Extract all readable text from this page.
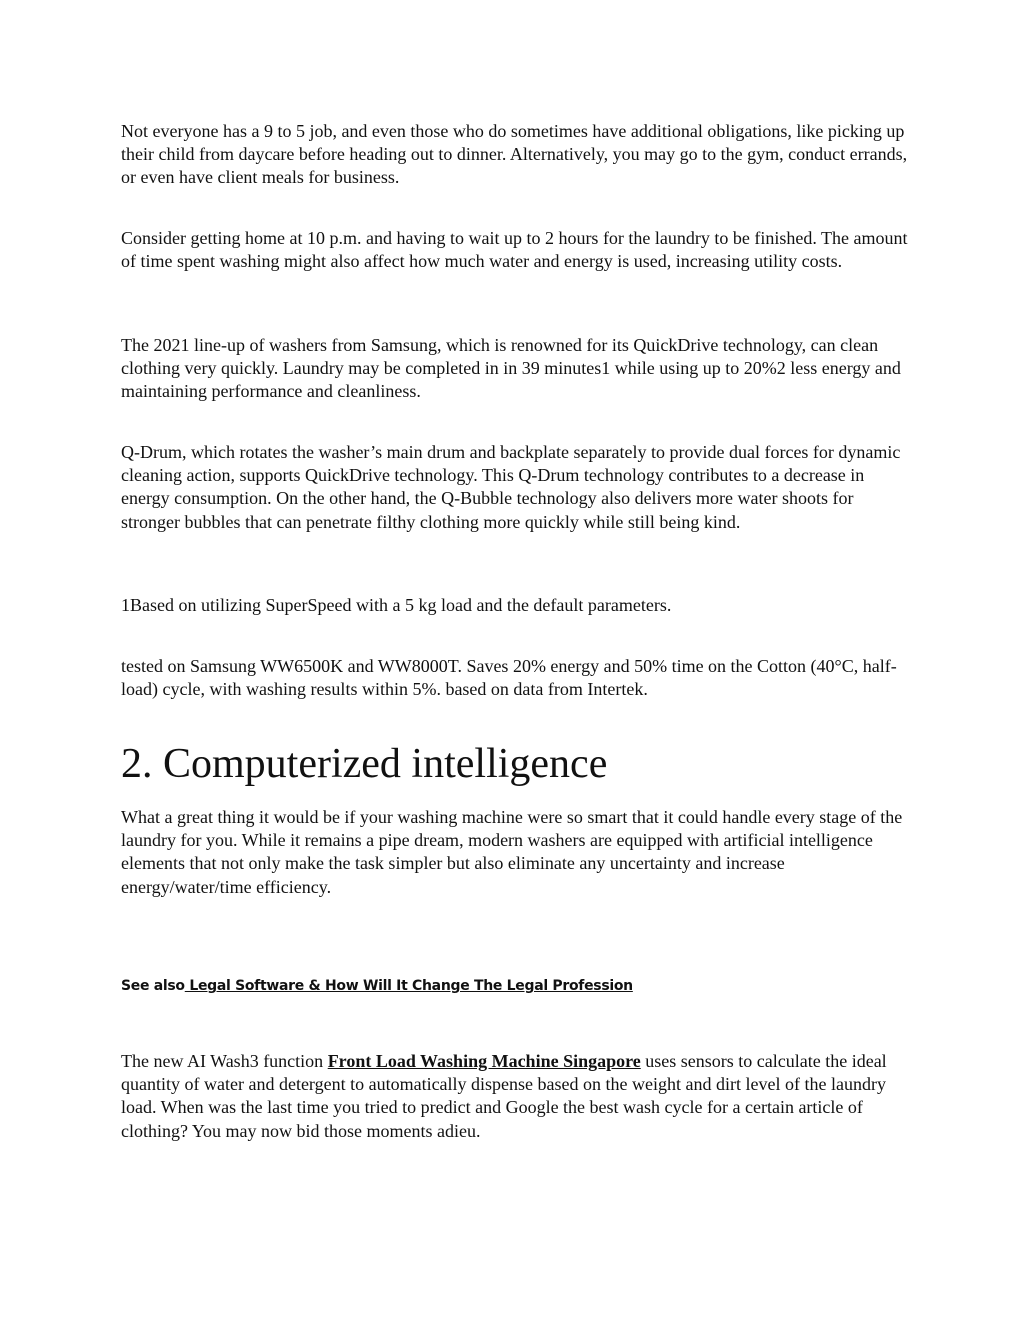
Not everyone has a 9 to 5 job, and even those who do sometimes have additional obligations, like picking up their child from daycare before heading out to dinner. Alternatively, you may go to the gym, conduct errands, or even have client meals for business.

Consider getting home at 10 p.m. and having to wait up to 2 hours for the laundry to be finished. The amount of time spent washing might also affect how much water and energy is used, increasing utility costs.

The 2021 line-up of washers from Samsung, which is renowned for its QuickDrive technology, can clean clothing very quickly. Laundry may be completed in in 39 minutes1 while using up to 20%2 less energy and maintaining performance and cleanliness.

Q-Drum, which rotates the washer’s main drum and backplate separately to provide dual forces for dynamic cleaning action, supports QuickDrive technology. This Q-Drum technology contributes to a decrease in energy consumption. On the other hand, the Q-Bubble technology also delivers more water shoots for stronger bubbles that can penetrate filthy clothing more quickly while still being kind.

1Based on utilizing SuperSpeed with a 5 kg load and the default parameters.

tested on Samsung WW6500K and WW8000T. Saves 20% energy and 50% time on the Cotton (40°C, half-load) cycle, with washing results within 5%. based on data from Intertek.

2. Computerized intelligence

What a great thing it would be if your washing machine were so smart that it could handle every stage of the laundry for you. While it remains a pipe dream, modern washers are equipped with artificial intelligence elements that not only make the task simpler but also eliminate any uncertainty and increase energy/water/time efficiency.

See also Legal Software & How Will It Change The Legal Profession

The new AI Wash3 function Front Load Washing Machine Singapore uses sensors to calculate the ideal quantity of water and detergent to automatically dispense based on the weight and dirt level of the laundry load. When was the last time you tried to predict and Google the best wash cycle for a certain article of clothing? You may now bid those moments adieu.
